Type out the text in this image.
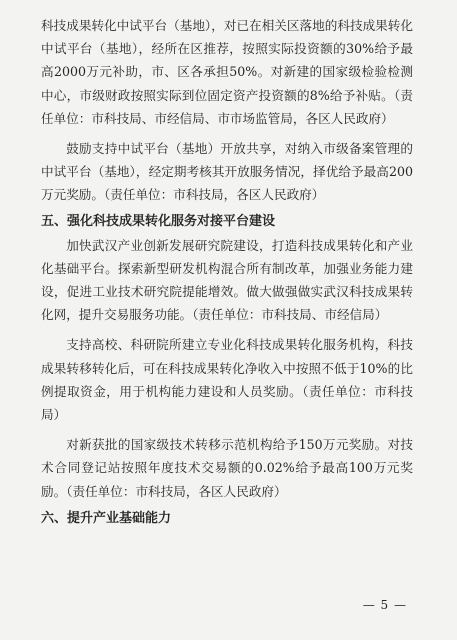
科技成果转化中试平台（基地），对已在相关区落地的科技成果转化中试平台（基地），经所在区推荐，按照实际投资额的30%给予最高2000万元补助，市、区各承担50%。对新建的国家级检验检测中心，市级财政按照实际到位固定资产投资额的8%给予补贴。（责任单位：市科技局、市经信局、市市场监管局，各区人民政府）

鼓励支持中试平台（基地）开放共享，对纳入市级备案管理的中试平台（基地），经定期考核其开放服务情况，择优给予最高200万元奖励。（责任单位：市科技局，各区人民政府）

五、强化科技成果转化服务对接平台建设

加快武汉产业创新发展研究院建设，打造科技成果转化和产业化基础平台。探索新型研发机构混合所有制改革，加强业务能力建设，促进工业技术研究院提能增效。做大做强做实武汉科技成果转化网，提升交易服务功能。（责任单位：市科技局、市经信局）

支持高校、科研院所建立专业化科技成果转化服务机构，科技成果转移转化后，可在科技成果转化净收入中按照不低于10%的比例提取资金，用于机构能力建设和人员奖励。（责任单位：市科技局）

对新获批的国家级技术转移示范机构给予150万元奖励。对技术合同登记站按照年度技术交易额的0.02%给予最高100万元奖励。（责任单位：市科技局，各区人民政府）

六、提升产业基础能力
— 5 —
